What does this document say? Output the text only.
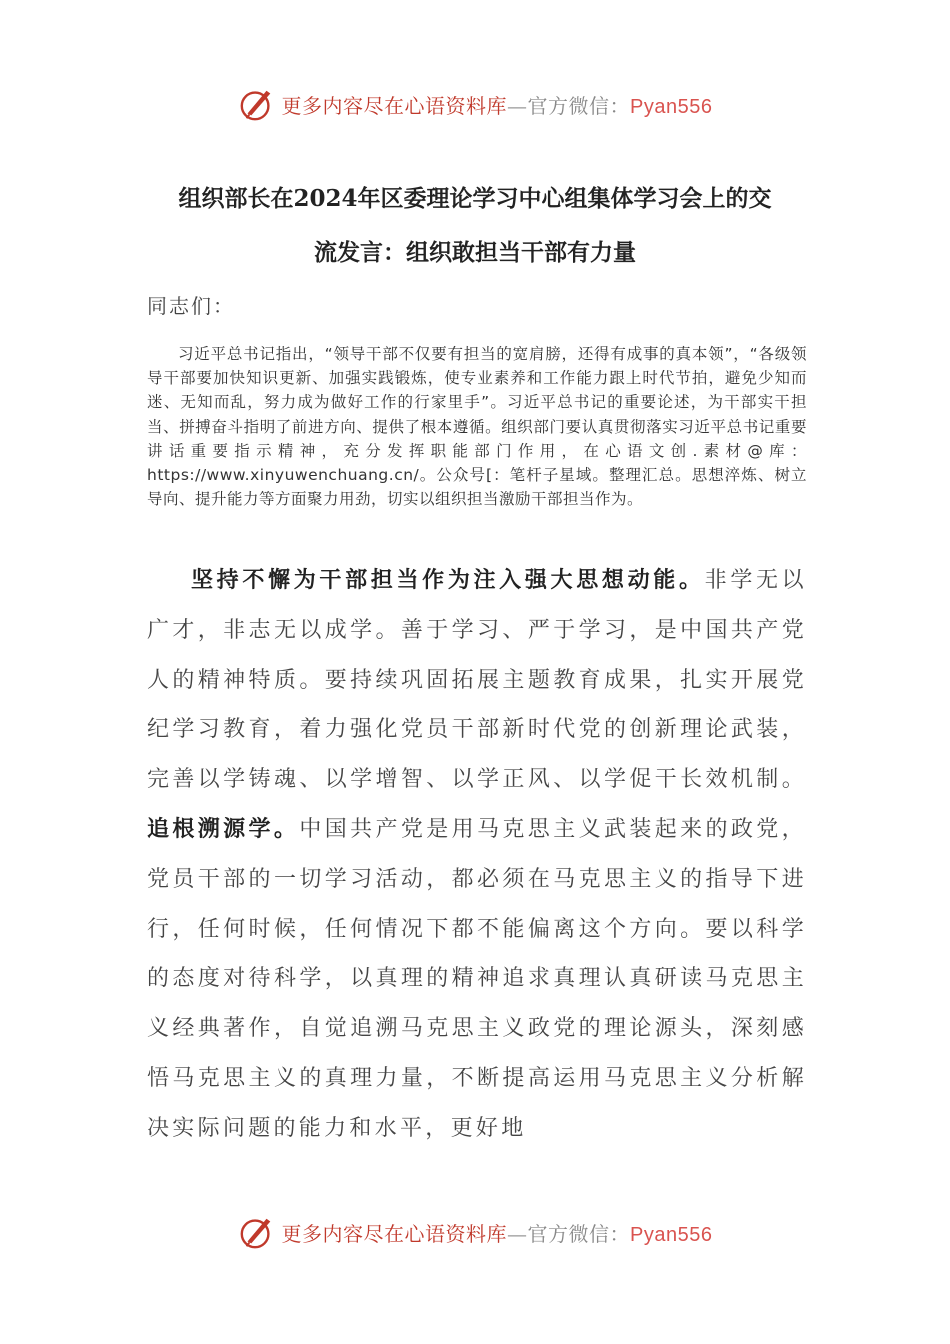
更多内容尽在心语资料库—官方微信：Pyan556
组织部长在2024年区委理论学习中心组集体学习会上的交
流发言：组织敢担当干部有力量

同志们：

习近平总书记指出，“领导干部不仅要有担当的宽肩膀，还得有成事的真本领”，“各级领导干部要加快知识更新、加强实践锻炼，使专业素养和工作能力跟上时代节拍，避免少知而迷、无知而乱，努力成为做好工作的行家里手”。习近平总书记的重要论述，为干部实干担当、拼搏奋斗指明了前进方向、提供了根本遵循。组织部门要认真贯彻落实习近平总书记重要讲话重要指示精神，充分发挥职能部门作用，在心语文创.素材@库：https://www.xinyuwenchuang.cn/。公众号[：笔杆子星域。整理汇总。思想淬炼、树立导向、提升能力等方面聚力用劲，切实以组织担当激励干部担当作为。

坚持不懈为干部担当作为注入强大思想动能。非学无以广才，非志无以成学。善于学习、严于学习，是中国共产党人的精神特质。要持续巩固拓展主题教育成果，扎实开展党纪学习教育，着力强化党员干部新时代党的创新理论武装，完善以学铸魂、以学增智、以学正风、以学促干长效机制。追根溯源学。中国共产党是用马克思主义武装起来的政党，党员干部的一切学习活动，都必须在马克思主义的指导下进行，任何时候，任何情况下都不能偏离这个方向。要以科学的态度对待科学，以真理的精神追求真理认真研读马克思主义经典著作，自觉追溯马克思主义政党的理论源头，深刻感悟马克思主义的真理力量，不断提高运用马克思主义分析解决实际问题的能力和水平，更好地

更多内容尽在心语资料库—官方微信：Pyan556
